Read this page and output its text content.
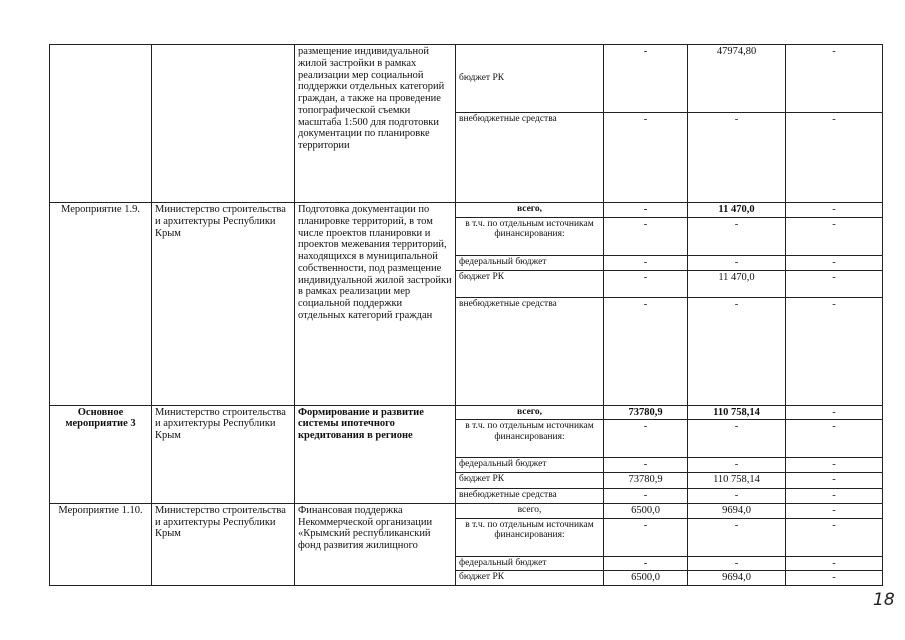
		размещение индивидуальной жилой застройки в рамках реализации мер социальной поддержки отдельных категорий граждан, а также на проведение топографической съемки масштаба 1:500 для подготовки документации по планировке территории	бюджет РК	-	47974,80	-
			внебюджетные средства	-	-	-
Мероприятие 1.9.	Министерство строительства и архитектуры Республики Крым	Подготовка документации по планировке территорий, в том числе проектов планировки и проектов межевания территорий, находящихся в муниципальной собственности, под размещение индивидуальной жилой застройки в рамках реализации мер социальной поддержки отдельных категорий граждан	всего,	-	11 470,0	-
			в т.ч. по отдельным источникам финансирования:	-	-	-
			федеральный бюджет	-	-	-
			бюджет РК	-	11 470,0	-
			внебюджетные средства	-	-	-
Основное мероприятие 3	Министерство строительства и архитектуры Республики Крым	Формирование и развитие системы ипотечного кредитования в регионе	всего,	73780,9	110 758,14	-
			в т.ч. по отдельным источникам финансирования:	-	-	-
			федеральный бюджет	-	-	-
			бюджет РК	73780,9	110 758,14	-
			внебюджетные средства	-	-	-
Мероприятие 1.10.	Министерство строительства и архитектуры Республики Крым	Финансовая поддержка Некоммерческой организации «Крымский республиканский фонд развития жилищного	всего,	6500,0	9694,0	-
			в т.ч. по отдельным источникам финансирования:	-	-	-
			федеральный бюджет	-	-	-
			бюджет РК	6500,0	9694,0	-
18
